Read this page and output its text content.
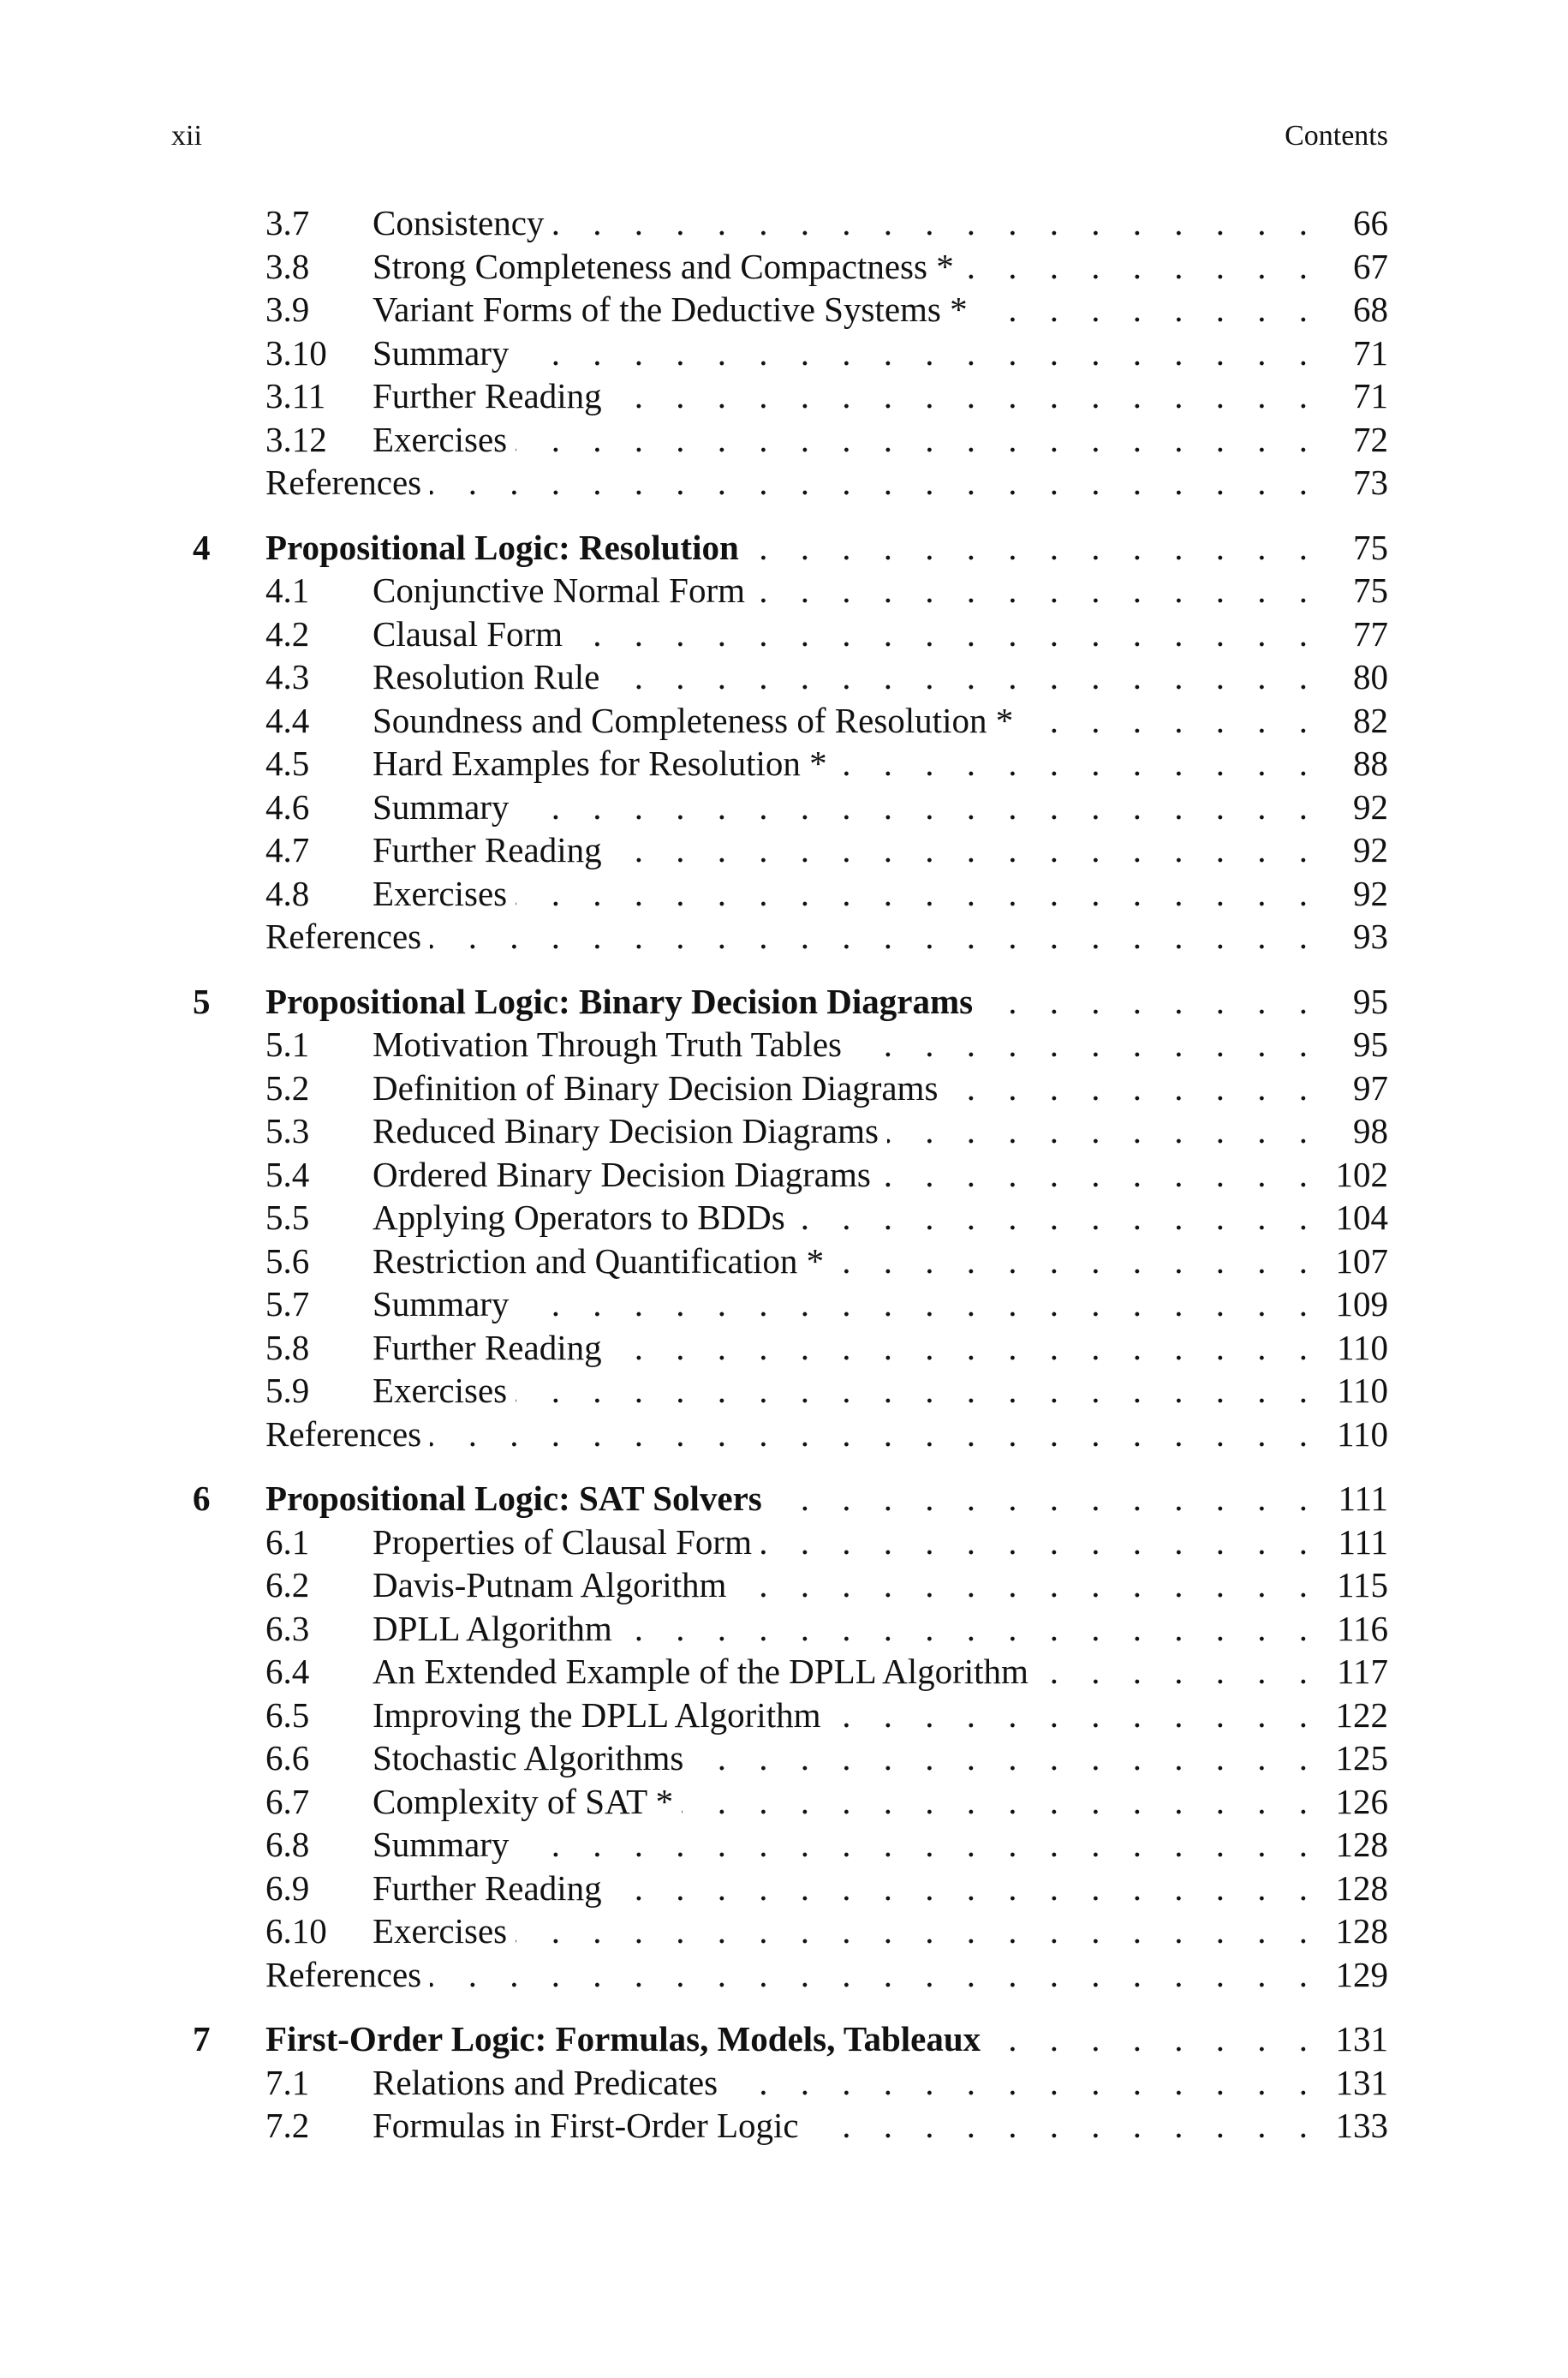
xii	Contents
3.7 Consistency . . .	66
3.8 Strong Completeness and Compactness * . . .	67
3.9 Variant Forms of the Deductive Systems * . . .	68
3.10 Summary . . .	71
3.11 Further Reading . . .	71
3.12 Exercises . . .	72
References . . .	73
4 Propositional Logic: Resolution . . .	75
4.1 Conjunctive Normal Form . . .	75
4.2 Clausal Form . . .	77
4.3 Resolution Rule . . .	80
4.4 Soundness and Completeness of Resolution * . . .	82
4.5 Hard Examples for Resolution * . . .	88
4.6 Summary . . .	92
4.7 Further Reading . . .	92
4.8 Exercises . . .	92
References . . .	93
5 Propositional Logic: Binary Decision Diagrams . . .	95
5.1 Motivation Through Truth Tables . . .	95
5.2 Definition of Binary Decision Diagrams . . .	97
5.3 Reduced Binary Decision Diagrams . . .	98
5.4 Ordered Binary Decision Diagrams . . .	102
5.5 Applying Operators to BDDs . . .	104
5.6 Restriction and Quantification * . . .	107
5.7 Summary . . .	109
5.8 Further Reading . . .	110
5.9 Exercises . . .	110
References . . .	110
6 Propositional Logic: SAT Solvers . . .	111
6.1 Properties of Clausal Form . . .	111
6.2 Davis-Putnam Algorithm . . .	115
6.3 DPLL Algorithm . . .	116
6.4 An Extended Example of the DPLL Algorithm . . .	117
6.5 Improving the DPLL Algorithm . . .	122
6.6 Stochastic Algorithms . . .	125
6.7 Complexity of SAT * . . .	126
6.8 Summary . . .	128
6.9 Further Reading . . .	128
6.10 Exercises . . .	128
References . . .	129
7 First-Order Logic: Formulas, Models, Tableaux . . .	131
7.1 Relations and Predicates . . .	131
7.2 Formulas in First-Order Logic . . .	133
